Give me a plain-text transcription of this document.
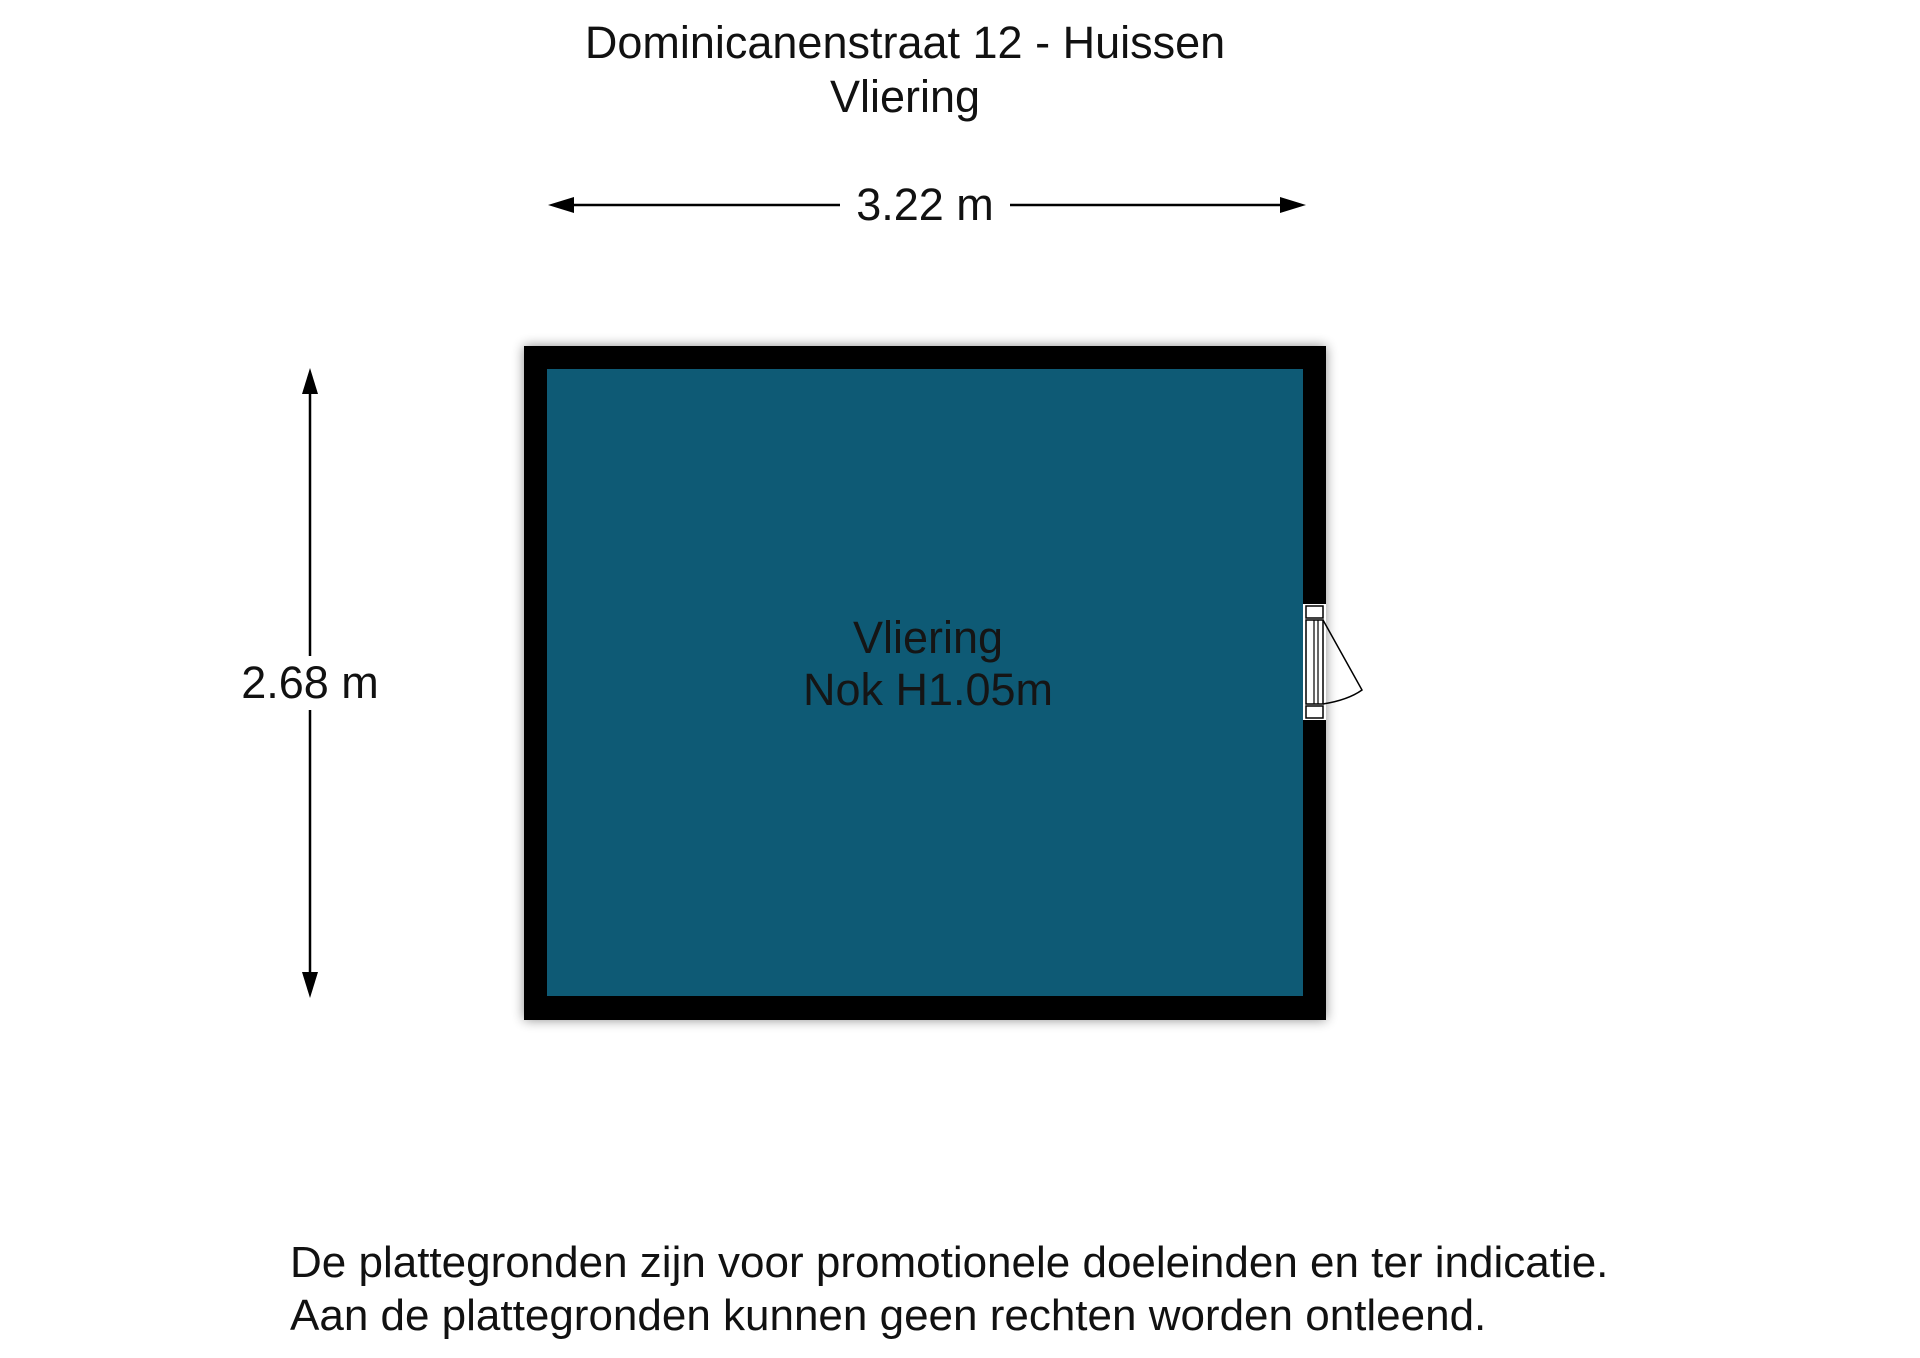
Dominicanenstraat 12 - Huissen
Vliering
3.22 m
2.68 m
Vliering
Nok H1.05m
De plattegronden zijn voor promotionele doeleinden en ter indicatie.
Aan de plattegronden kunnen geen rechten worden ontleend.
